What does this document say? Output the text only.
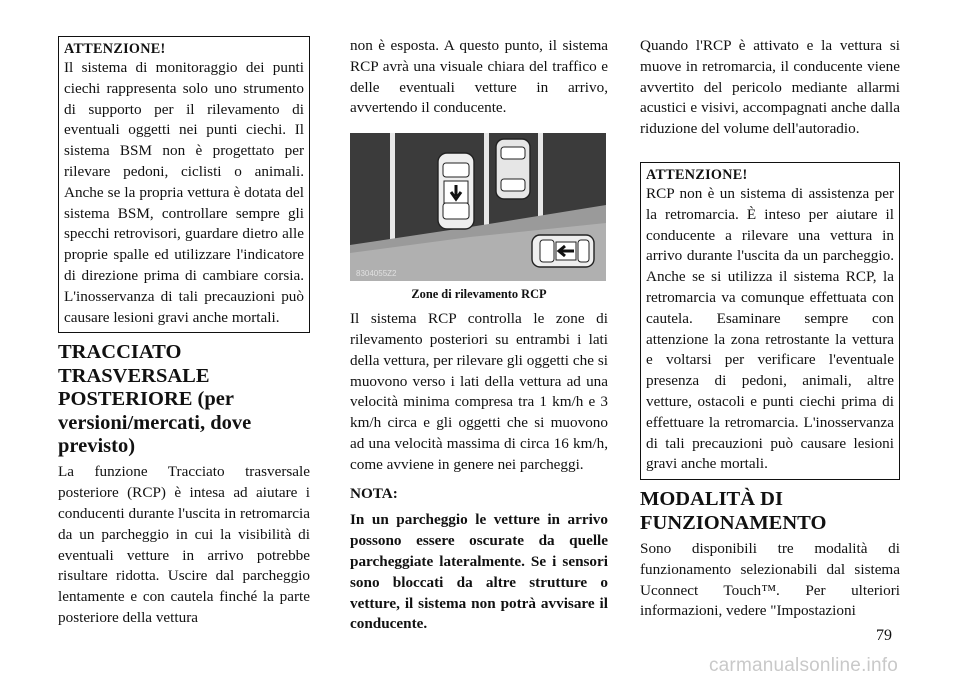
ATTENZIONE!

Il sistema di monitoraggio dei punti ciechi rappresenta solo uno strumento di supporto per il rilevamento di eventuali oggetti nei punti ciechi. Il sistema BSM non è progettato per rilevare pedoni, ciclisti o animali. Anche se la propria vettura è dotata del sistema BSM, controllare sempre gli specchi retrovisori, guardare dietro alle proprie spalle ed utilizzare l'indicatore di direzione prima di cambiare corsia. L'inosservanza di tali precauzioni può causare lesioni gravi anche mortali.

TRACCIATO TRASVERSALE POSTERIORE (per versioni/mercati, dove previsto)

La funzione Tracciato trasversale posteriore (RCP) è intesa ad aiutare i conducenti durante l'uscita in retromarcia da un parcheggio in cui la visibilità di eventuali vetture in arrivo potrebbe risultare ridotta. Uscire dal parcheggio lentamente e con cautela finché la parte posteriore della vettura

non è esposta. A questo punto, il sistema RCP avrà una visuale chiara del traffico e delle eventuali vetture in arrivo, avvertendo il conducente.

8304055Z2
Zone di rilevamento RCP

Il sistema RCP controlla le zone di rilevamento posteriori su entrambi i lati della vettura, per rilevare gli oggetti che si muovono verso i lati della vettura ad una velocità minima compresa tra 1 km/h e 3 km/h circa e gli oggetti che si muovono ad una velocità massima di circa 16 km/h, come avviene in genere nei parcheggi.

NOTA:

In un parcheggio le vetture in arrivo possono essere oscurate da quelle parcheggiate lateralmente. Se i sensori sono bloccati da altre strutture o vetture, il sistema non potrà avvisare il conducente.

Quando l'RCP è attivato e la vettura si muove in retromarcia, il conducente viene avvertito del pericolo mediante allarmi acustici e visivi, accompagnati anche dalla riduzione del volume dell'autoradio.

ATTENZIONE!

RCP non è un sistema di assistenza per la retromarcia. È inteso per aiutare il conducente a rilevare una vettura in arrivo durante l'uscita da un parcheggio. Anche se si utilizza il sistema RCP, la retromarcia va comunque effettuata con cautela. Esaminare sempre con attenzione la zona retrostante la vettura e voltarsi per verificare l'eventuale presenza di pedoni, animali, altre vetture, ostacoli e punti ciechi prima di effettuare la retromarcia. L'inosservanza di tali precauzioni può causare lesioni gravi anche mortali.

MODALITÀ DI FUNZIONAMENTO

Sono disponibili tre modalità di funzionamento selezionabili dal sistema Uconnect Touch™. Per ulteriori informazioni, vedere "Impostazioni

79
carmanualsonline.info
